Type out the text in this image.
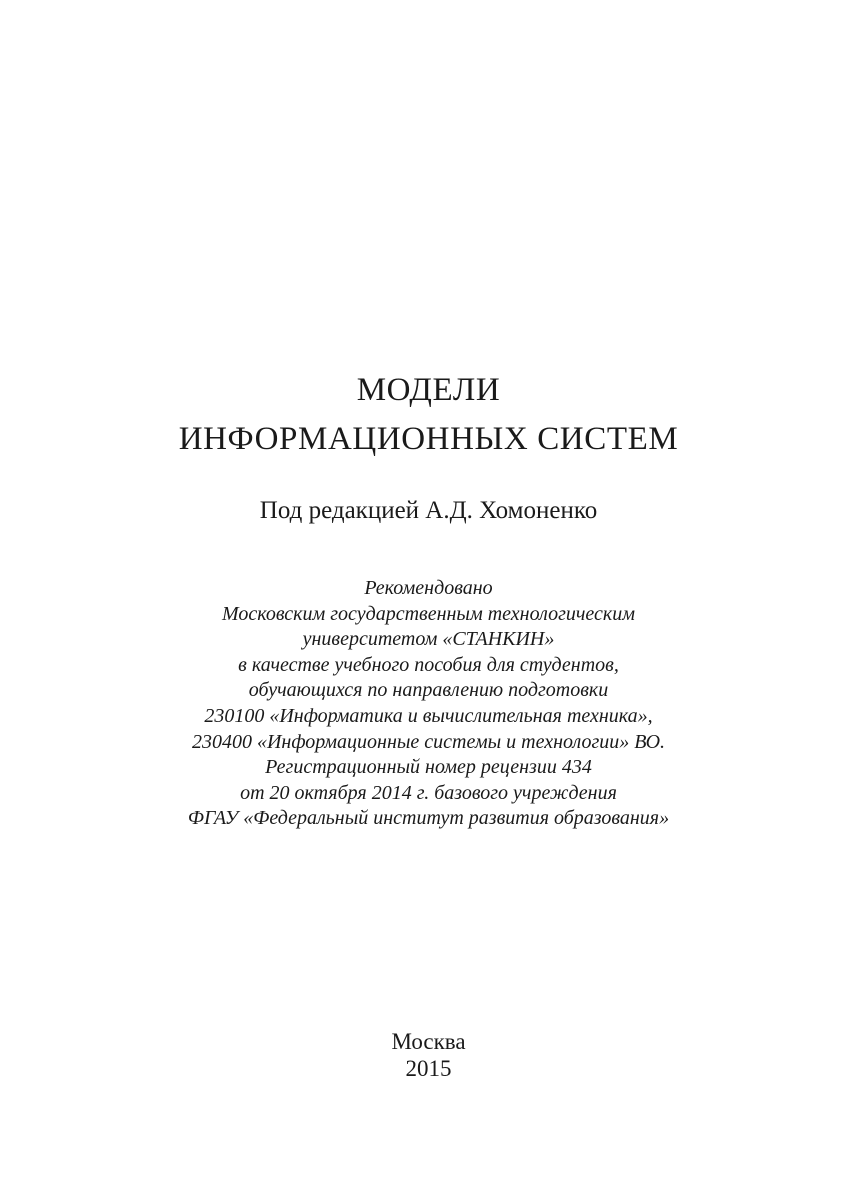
МОДЕЛИ
ИНФОРМАЦИОННЫХ СИСТЕМ
Под редакцией А.Д. Хомоненко
Рекомендовано
Московским государственным технологическим
университетом «СТАНКИН»
в качестве учебного пособия для студентов,
обучающихся по направлению подготовки
230100 «Информатика и вычислительная техника»,
230400 «Информационные системы и технологии» ВО.
Регистрационный номер рецензии 434
от 20 октября 2014 г. базового учреждения
ФГАУ «Федеральный институт развития образования»
Москва
2015
